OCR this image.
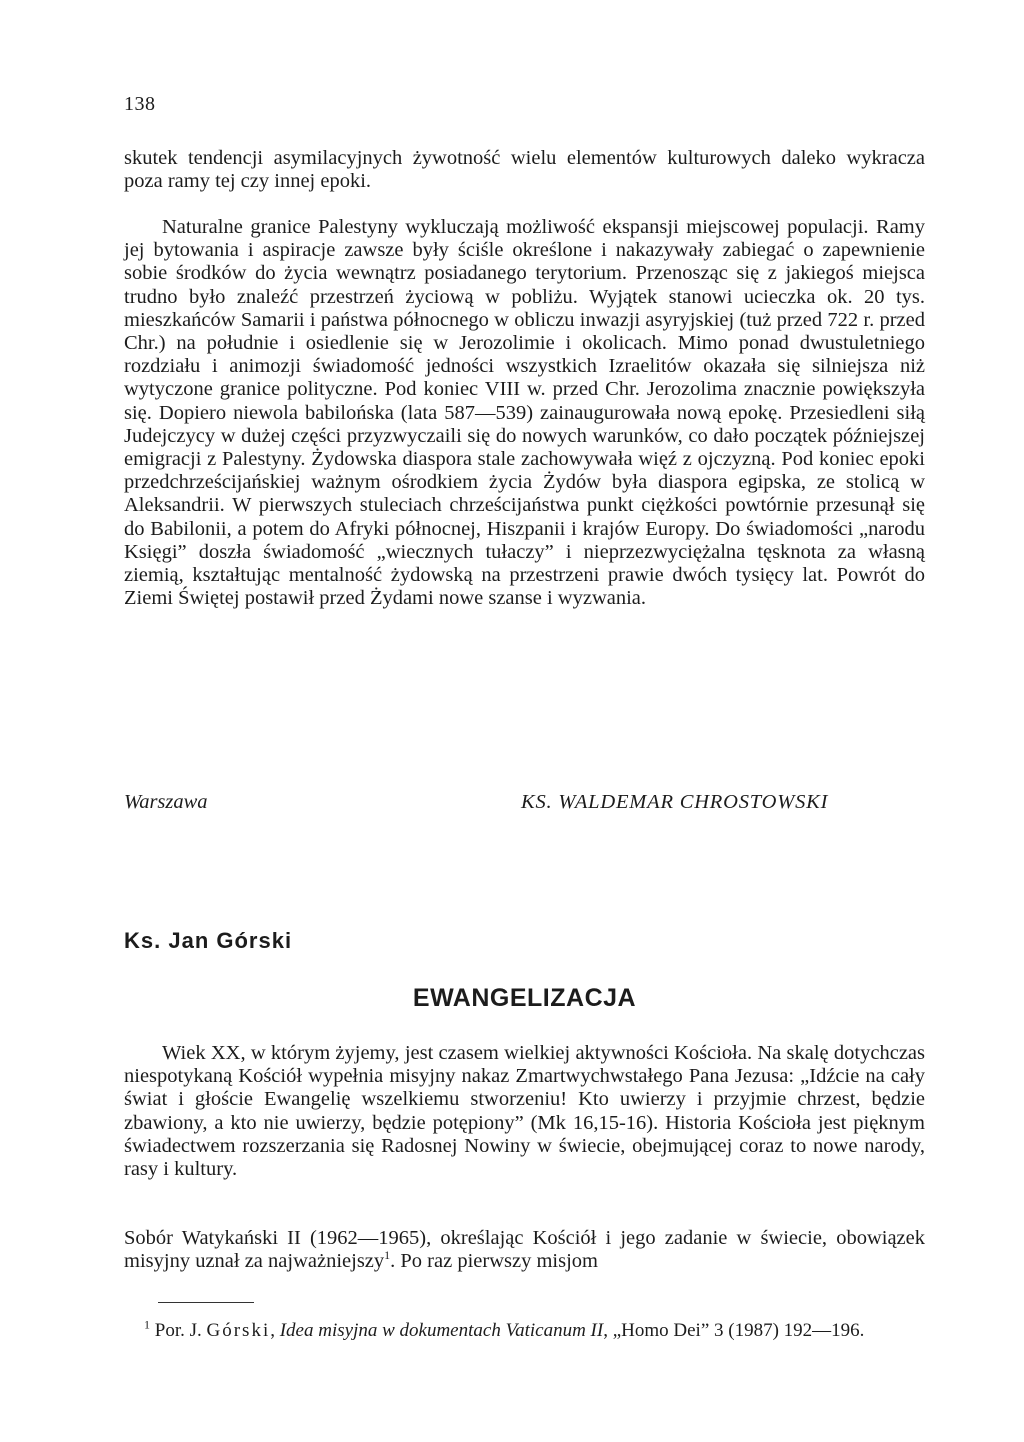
138

skutek tendencji asymilacyjnych żywotność wielu elementów kulturowych daleko wykracza poza ramy tej czy innej epoki.

Naturalne granice Palestyny wykluczają możliwość ekspansji miejscowej populacji. Ramy jej bytowania i aspiracje zawsze były ściśle określone i nakazywały zabiegać o zapewnienie sobie środków do życia wewnątrz posiadanego terytorium. Przenosząc się z jakiegoś miejsca trudno było znaleźć przestrzeń życiową w pobliżu. Wyjątek stanowi ucieczka ok. 20 tys. mieszkańców Samarii i państwa północnego w obliczu inwazji asyryjskiej (tuż przed 722 r. przed Chr.) na południe i osiedlenie się w Jerozolimie i okolicach. Mimo ponad dwustuletniego rozdziału i animozji świadomość jedności wszystkich Izraelitów okazała się silniejsza niż wytyczone granice polityczne. Pod koniec VIII w. przed Chr. Jerozolima znacznie powiększyła się. Dopiero niewola babilońska (lata 587—539) zainaugurowała nową epokę. Przesiedleni siłą Judejczycy w dużej części przyzwyczaili się do nowych warunków, co dało początek późniejszej emigracji z Palestyny. Żydowska diaspora stale zachowywała więź z ojczyzną. Pod koniec epoki przedchrześcijańskiej ważnym ośrodkiem życia Żydów była diaspora egipska, ze stolicą w Aleksandrii. W pierwszych stuleciach chrześcijaństwa punkt ciężkości powtórnie przesunął się do Babilonii, a potem do Afryki północnej, Hiszpanii i krajów Europy. Do świadomości „narodu Księgi” doszła świadomość „wiecznych tułaczy” i nieprzezwyciężalna tęsknota za własną ziemią, kształtując mentalność żydowską na przestrzeni prawie dwóch tysięcy lat. Powrót do Ziemi Świętej postawił przed Żydami nowe szanse i wyzwania.

Warszawa	KS. WALDEMAR CHROSTOWSKI
Ks. Jan Górski
EWANGELIZACJA

Wiek XX, w którym żyjemy, jest czasem wielkiej aktywności Kościoła. Na skalę dotychczas niespotykaną Kościół wypełnia misyjny nakaz Zmartwychwstałego Pana Jezusa: „Idźcie na cały świat i głoście Ewangelię wszelkiemu stworzeniu! Kto uwierzy i przyjmie chrzest, będzie zbawiony, a kto nie uwierzy, będzie potępiony” (Mk 16,15-16). Historia Kościoła jest pięknym świadectwem rozszerzania się Radosnej Nowiny w świecie, obejmującej coraz to nowe narody, rasy i kultury.

Sobór Watykański II (1962—1965), określając Kościół i jego zadanie w świecie, obowiązek misyjny uznał za najważniejszy$^1$. Po raz pierwszy misjom

$^1$ Por. J. Górski, Idea misyjna w dokumentach Vaticanum II, „Homo Dei” 3 (1987) 192—196.
